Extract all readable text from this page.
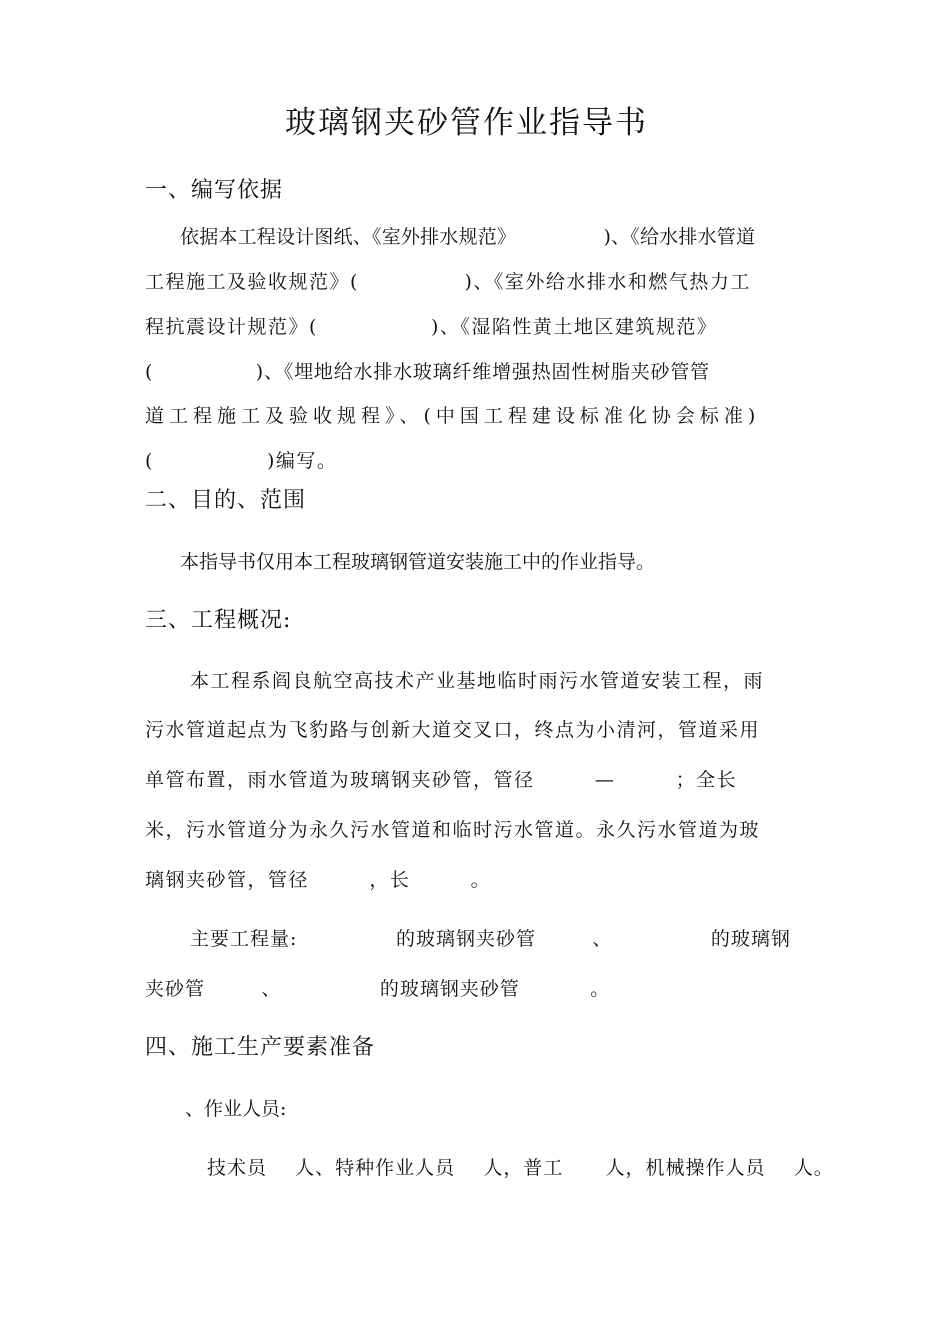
玻璃钢夹砂管作业指导书
一、编写依据
依据本工程设计图纸、《室外排水规范》              )、《给水排水管道
工程施工及验收规范》(              )、《室外给水排水和燃气热力工
程抗震设计规范》(               )、《湿陷性黄土地区建筑规范》
(               )、《埋地给水排水玻璃纤维增强热固性树脂夹砂管管
道工程施工及验收规程》、(中国工程建设标准化协会标准)
(               )编写。
二、目的、范围
本指导书仅用本工程玻璃钢管道安装施工中的作业指导。
三、工程概况:
本工程系阎良航空高技术产业基地临时雨污水管道安装工程，雨
污水管道起点为飞豹路与创新大道交叉口，终点为小清河，管道采用
单管布置，雨水管道为玻璃钢夹砂管，管径        —        ；全长
米，污水管道分为永久污水管道和临时污水管道。永久污水管道为玻
璃钢夹砂管，管径        ，长        。
主要工程量:              的玻璃钢夹砂管        、              的玻璃钢
夹砂管        、              的玻璃钢夹砂管          。
四、施工生产要素准备
、作业人员:
技术员    人、特种作业人员    人，普工      人，机械操作人员    人。
